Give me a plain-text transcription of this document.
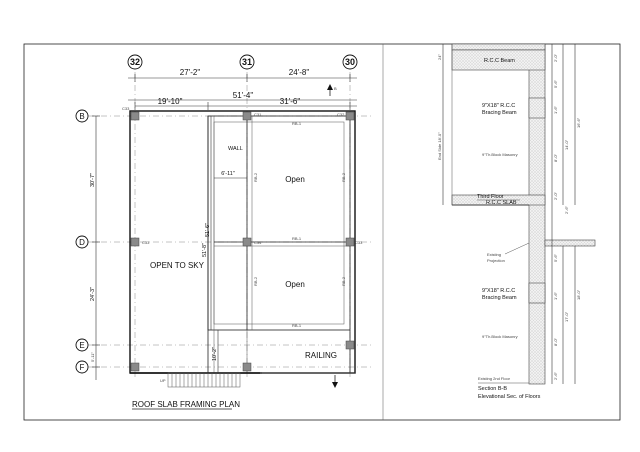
32	31	30
B
D
E
F
27'-2"	24'-8"
51'-4"
19'-10"	31'-6"
30'-7"
24'-3"
5'-11"
UP
C33
C31	C32
C33	C34	C33
RB-1
RB-1
RB-1
RB-2	RB-2
RB-2	RB-2
Open
Open
OPEN TO SKY
WALL
RAILING
6'-11"
51'-6"
51'-8"
10'-2"
B
ROOF SLAB FRAMING PLAN
24"
End Side 18'-0"
2'-0"
5'-6"
1'-6"
8'-0"
2'-0"
2'-6"
14'-0"
16'-6"
5'-6"
1'-6"
8'-0"
2'-6"
17'-0"
18'-0"
R.C.C Beam
9"X18" R.C.C
Bracing Beam
9"Th.Block Masonry
Third Floor
R.C.C SLAB
Existing
Projection
9"X18" R.C.C
Bracing Beam
9"Th.Block Masonry
Existing 2nd Floor
Section B-B
Elevational Sec. of Floors
